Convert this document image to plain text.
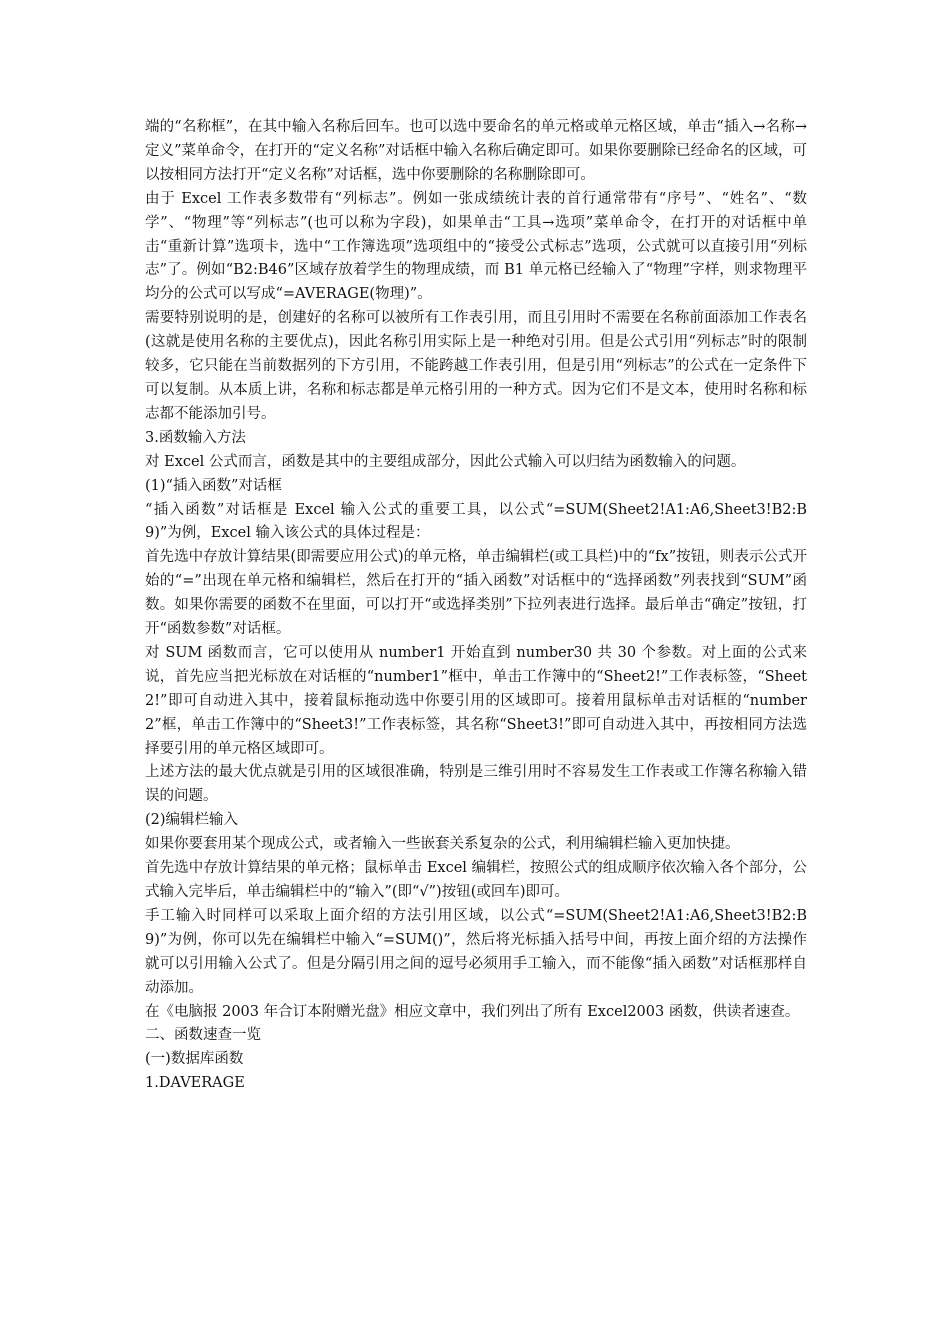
端的“名称框”，在其中输入名称后回车。也可以选中要命名的单元格或单元格区域，单击“插入→名称→定义”菜单命令，在打开的“定义名称”对话框中输入名称后确定即可。如果你要删除已经命名的区域，可以按相同方法打开“定义名称”对话框，选中你要删除的名称删除即可。

由于 Excel 工作表多数带有“列标志”。例如一张成绩统计表的首行通常带有“序号”、“姓名”、“数学”、“物理”等“列标志”(也可以称为字段)，如果单击“工具→选项”菜单命令，在打开的对话框中单击“重新计算”选项卡，选中“工作簿选项”选项组中的“接受公式标志”选项，公式就可以直接引用“列标志”了。例如“B2:B46”区域存放着学生的物理成绩，而 B1 单元格已经输入了“物理”字样，则求物理平均分的公式可以写成“=AVERAGE(物理)”。

需要特别说明的是，创建好的名称可以被所有工作表引用，而且引用时不需要在名称前面添加工作表名(这就是使用名称的主要优点)，因此名称引用实际上是一种绝对引用。但是公式引用“列标志”时的限制较多，它只能在当前数据列的下方引用，不能跨越工作表引用，但是引用“列标志”的公式在一定条件下可以复制。从本质上讲，名称和标志都是单元格引用的一种方式。因为它们不是文本，使用时名称和标志都不能添加引号。

3.函数输入方法

对 Excel 公式而言，函数是其中的主要组成部分，因此公式输入可以归结为函数输入的问题。

(1)“插入函数”对话框

“插入函数”对话框是 Excel 输入公式的重要工具，以公式“=SUM(Sheet2!A1:A6,Sheet3!B2:B9)”为例，Excel 输入该公式的具体过程是：

首先选中存放计算结果(即需要应用公式)的单元格，单击编辑栏(或工具栏)中的“fx”按钮，则表示公式开始的“=”出现在单元格和编辑栏，然后在打开的“插入函数”对话框中的“选择函数”列表找到“SUM”函数。如果你需要的函数不在里面，可以打开“或选择类别”下拉列表进行选择。最后单击“确定”按钮，打开“函数参数”对话框。

对 SUM 函数而言，它可以使用从 number1 开始直到 number30 共 30 个参数。对上面的公式来说，首先应当把光标放在对话框的“number1”框中，单击工作簿中的“Sheet2!”工作表标签，“Sheet2!”即可自动进入其中，接着鼠标拖动选中你要引用的区域即可。接着用鼠标单击对话框的“number2”框，单击工作簿中的“Sheet3!”工作表标签，其名称“Sheet3!”即可自动进入其中，再按相同方法选择要引用的单元格区域即可。

上述方法的最大优点就是引用的区域很准确，特别是三维引用时不容易发生工作表或工作簿名称输入错误的问题。

(2)编辑栏输入

如果你要套用某个现成公式，或者输入一些嵌套关系复杂的公式，利用编辑栏输入更加快捷。

首先选中存放计算结果的单元格；鼠标单击 Excel 编辑栏，按照公式的组成顺序依次输入各个部分，公式输入完毕后，单击编辑栏中的“输入”(即“√”)按钮(或回车)即可。

手工输入时同样可以采取上面介绍的方法引用区域，以公式“=SUM(Sheet2!A1:A6,Sheet3!B2:B9)”为例，你可以先在编辑栏中输入“=SUM()”，然后将光标插入括号中间，再按上面介绍的方法操作就可以引用输入公式了。但是分隔引用之间的逗号必须用手工输入，而不能像“插入函数”对话框那样自动添加。

在《电脑报 2003 年合订本附赠光盘》相应文章中，我们列出了所有 Excel2003 函数，供读者速查。

二、函数速查一览

(一)数据库函数

1.DAVERAGE
